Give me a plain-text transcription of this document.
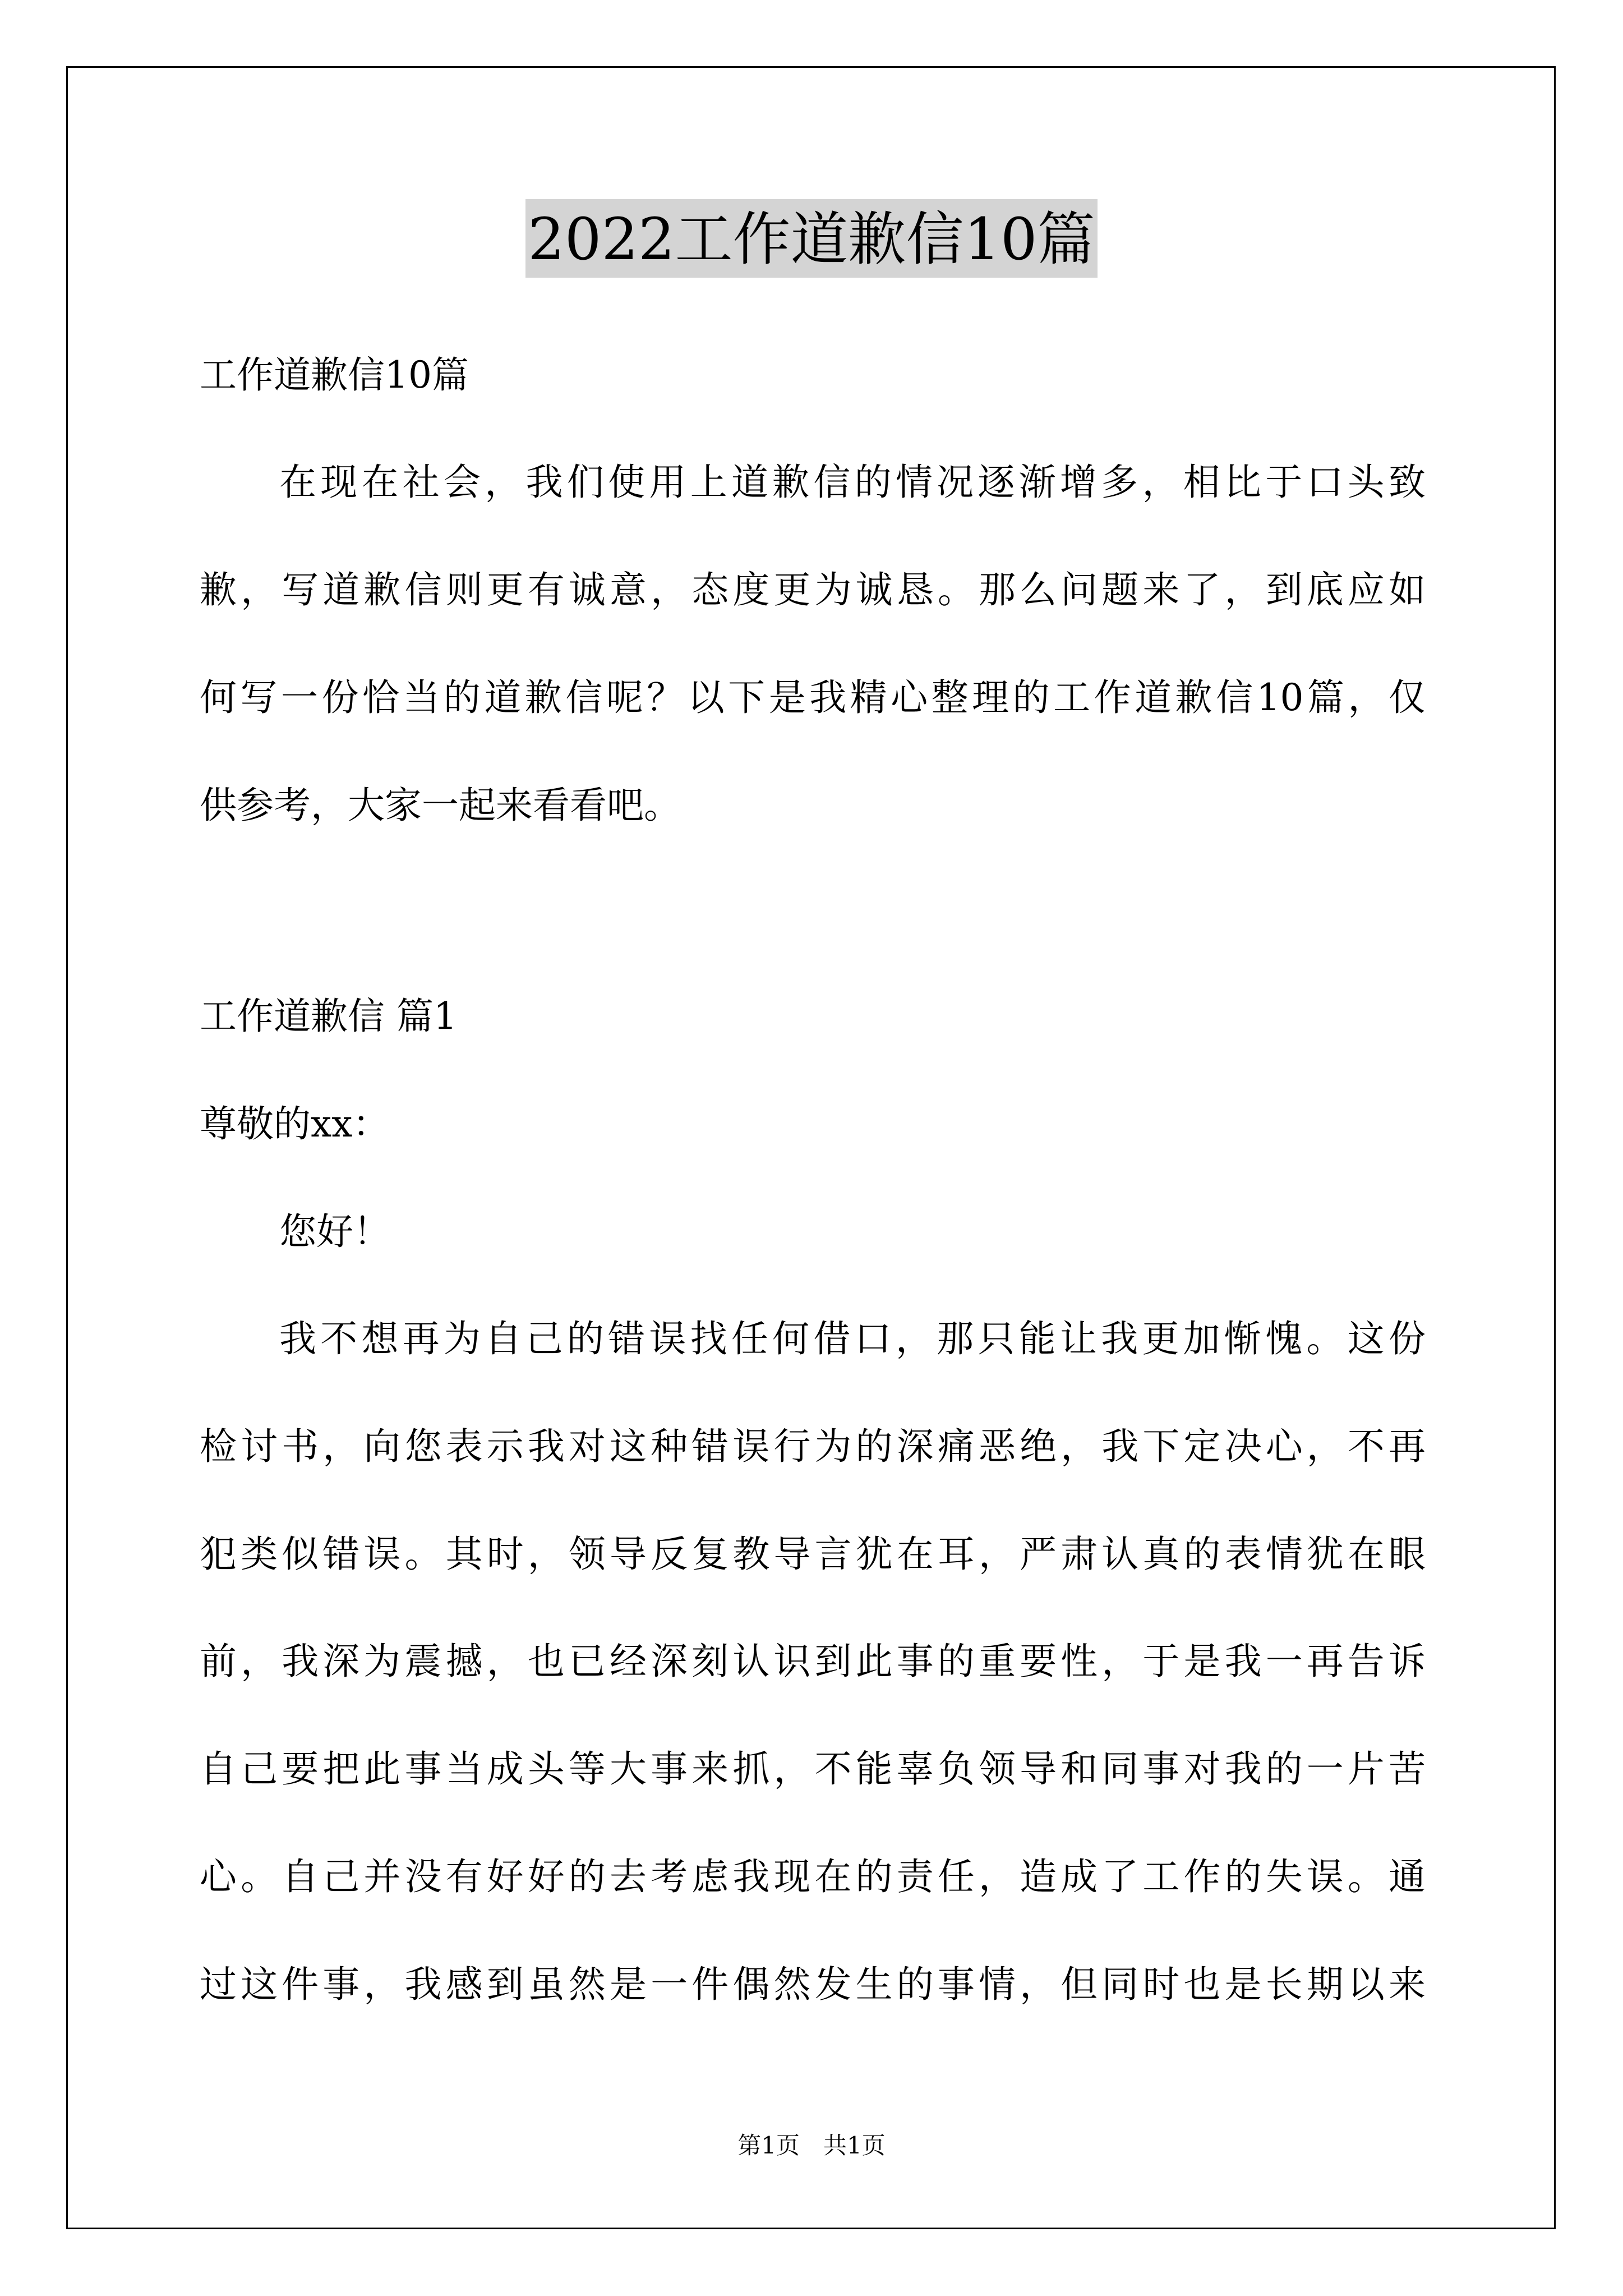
2022工作道歉信10篇

工作道歉信10篇

在现在社会，我们使用上道歉信的情况逐渐增多，相比于口头致

歉，写道歉信则更有诚意，态度更为诚恳。那么问题来了，到底应如

何写一份恰当的道歉信呢？以下是我精心整理的工作道歉信10篇，仅

供参考，大家一起来看看吧。

工作道歉信 篇1

尊敬的xx：

您好！

我不想再为自己的错误找任何借口，那只能让我更加惭愧。这份

检讨书，向您表示我对这种错误行为的深痛恶绝，我下定决心，不再

犯类似错误。其时，领导反复教导言犹在耳，严肃认真的表情犹在眼

前，我深为震撼，也已经深刻认识到此事的重要性，于是我一再告诉

自己要把此事当成头等大事来抓，不能辜负领导和同事对我的一片苦

心。自己并没有好好的去考虑我现在的责任，造成了工作的失误。通

过这件事，我感到虽然是一件偶然发生的事情，但同时也是长期以来

第1页　共1页
